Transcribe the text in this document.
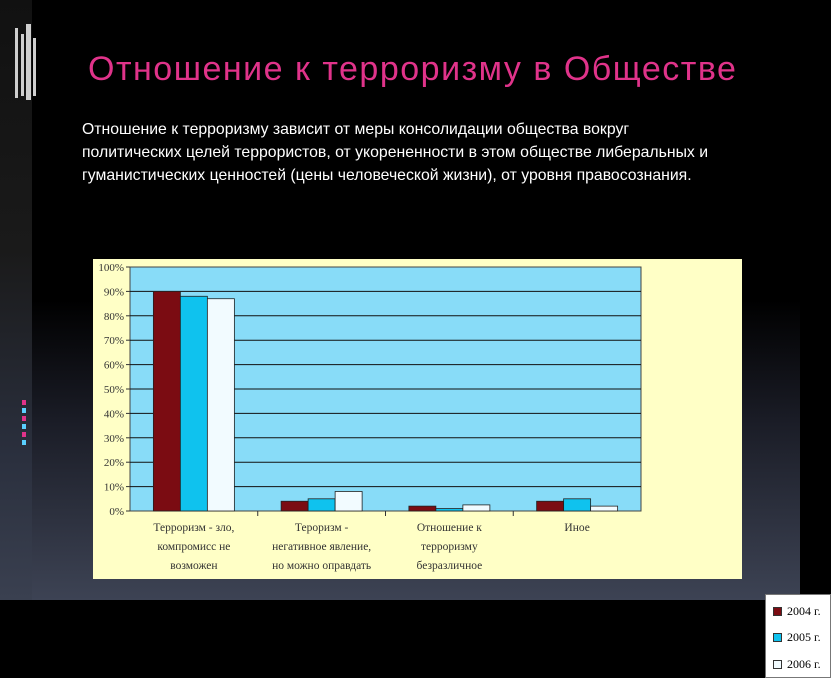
Отношение к терроризму в Обществе

Отношение к терроризму зависит от меры консолидации общества вокруг политических целей террористов, от укорененности в этом обществе либеральных и гуманистических ценностей (цены человеческой жизни), от уровня правосознания.

0%
10%
20%
30%
40%
50%
60%
70%
80%
90%
100%
Терроризм - зло,
компромисс не
возможен
Тероризм -
негативное явление,
но можно оправдать
Отношение к
терроризму
безразличное
Иное
2004 г.
2005 г.
2006 г.
